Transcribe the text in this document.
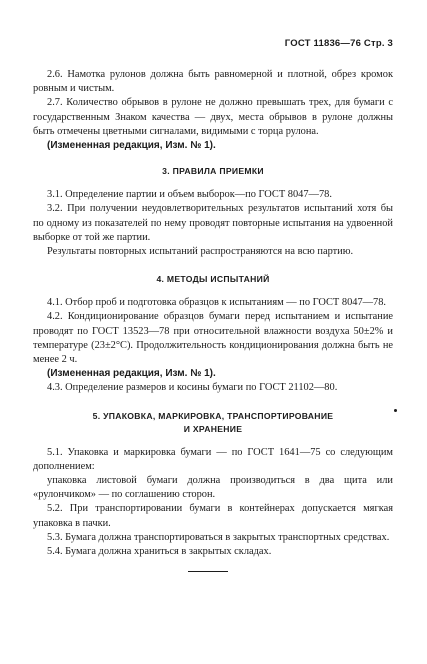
ГОСТ 11836—76 Стр. 3

2.6. Намотка рулонов должна быть равномерной и плотной, обрез кромок ровным и чистым.

2.7. Количество обрывов в рулоне не должно превышать трех, для бумаги с государственным Знаком качества — двух, места обрывов в рулоне должны быть отмечены цветными сигналами, видимыми с торца рулона.

(Измененная редакция, Изм. № 1).

3. ПРАВИЛА ПРИЕМКИ

3.1. Определение партии и объем выборок—по ГОСТ 8047—78.

3.2. При получении неудовлетворительных результатов испытаний хотя бы по одному из показателей по нему проводят повторные испытания на удвоенной выборке от той же партии.

Результаты повторных испытаний распространяются на всю партию.

4. МЕТОДЫ ИСПЫТАНИЙ

4.1. Отбор проб и подготовка образцов к испытаниям — по ГОСТ 8047—78.

4.2. Кондиционирование образцов бумаги перед испытанием и испытание проводят по ГОСТ 13523—78 при относительной влажности воздуха 50±2% и температуре (23±2°С). Продолжительность кондиционирования должна быть не менее 2 ч.

(Измененная редакция, Изм. № 1).

4.3. Определение размеров и косины бумаги по ГОСТ 21102—80.

5. УПАКОВКА, МАРКИРОВКА, ТРАНСПОРТИРОВАНИЕ
И ХРАНЕНИЕ

5.1. Упаковка и маркировка бумаги — по ГОСТ 1641—75 со следующим дополнением:

упаковка листовой бумаги должна производиться в два щита или «рулончиком» — по соглашению сторон.

5.2. При транспортировании бумаги в контейнерах допускается мягкая упаковка в пачки.

5.3. Бумага должна транспортироваться в закрытых транспортных средствах.

5.4. Бумага должна храниться в закрытых складах.
